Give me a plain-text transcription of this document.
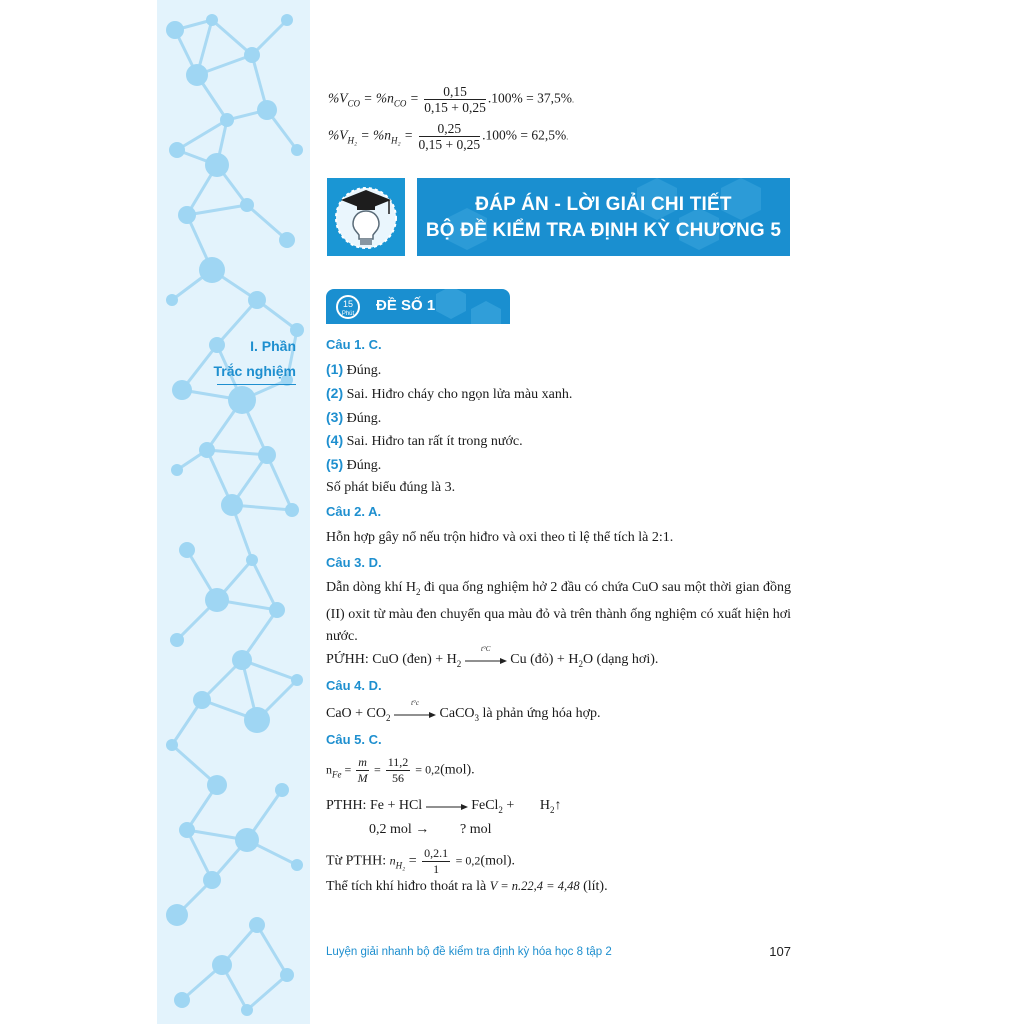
$\%V_{CO} = \%n_{CO} = \frac{0,15}{0,15 + 0,25} .100\% = 37,5\%$.
$\%V_{H_2} = \%n_{H_2} = \frac{0,25}{0,15 + 0,25} .100\% = 62,5\%$.
ĐÁP ÁN - LỜI GIẢI CHI TIẾT
BỘ ĐỀ KIỂM TRA ĐỊNH KỲ CHƯƠNG 5
15
Phút ĐỀ SỐ 1
I. Phần
Trắc nghiệm
Câu 1. C.
(1) Đúng.
(2) Sai. Hiđro cháy cho ngọn lửa màu xanh.
(3) Đúng.
(4) Sai. Hiđro tan rất ít trong nước.
(5) Đúng.
Số phát biểu đúng là 3.
Câu 2. A.
Hỗn hợp gây nổ nếu trộn hiđro và oxi theo tỉ lệ thể tích là 2:1.
Câu 3. D.
Dẫn dòng khí $H_2$ đi qua ống nghiệm hở 2 đầu có chứa CuO sau một thời gian đồng (II) oxit từ màu đen chuyển qua màu đỏ và trên thành ống nghiệm có xuất hiện hơi nước.
PỨHH: CuO (đen) + $H_2$
t°C
Cu (đỏ) + $H_2O$ (dạng hơi).
Câu 4. D.
CaO + $CO_2$
t°c
CaCO$_3$ là phản ứng hóa hợp.
Câu 5. C.
$n_{Fe} = \frac{m}{M} = \frac{11,2}{56} = 0,2(mol)$.
PTHH: Fe + HCl → FeCl$_2$ + $H_2↑$
0,2 mol → ? mol
Từ PTHH: $n_{H_2} = \frac{0,2.1}{1} = 0,2(mol)$.
Thể tích khí hiđro thoát ra là V = n.22,4 = 4,48 (lít).
Luyện giải nhanh bộ đề kiểm tra định kỳ hóa học 8 tập 2	107
